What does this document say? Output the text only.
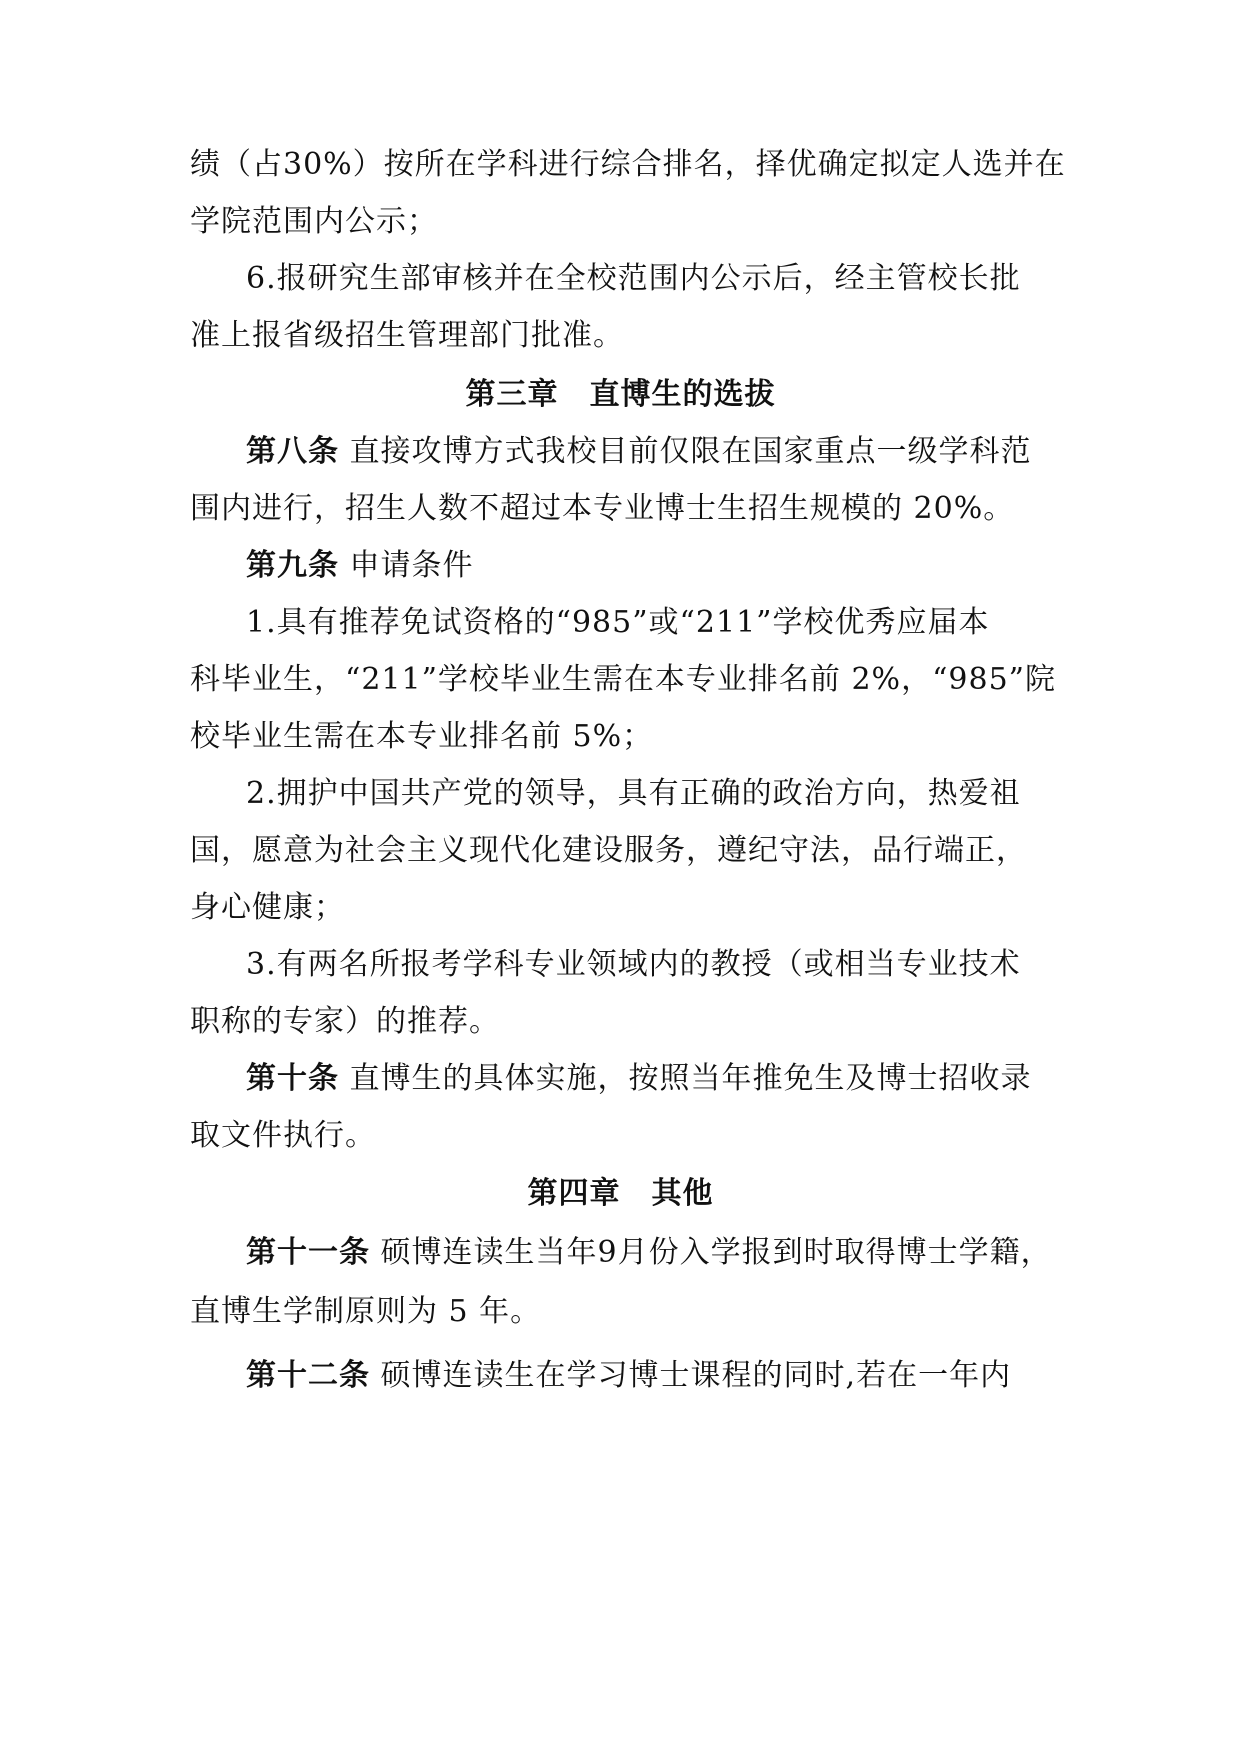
绩（占30%）按所在学科进行综合排名，择优确定拟定人选并在
学院范围内公示；
6.报研究生部审核并在全校范围内公示后，经主管校长批
准上报省级招生管理部门批准。
第三章　直博生的选拔
第八条 直接攻博方式我校目前仅限在国家重点一级学科范
围内进行，招生人数不超过本专业博士生招生规模的 20%。
第九条 申请条件
1.具有推荐免试资格的“985”或“211”学校优秀应届本
科毕业生，“211”学校毕业生需在本专业排名前 2%，“985”院
校毕业生需在本专业排名前 5%；
2.拥护中国共产党的领导，具有正确的政治方向，热爱祖
国，愿意为社会主义现代化建设服务，遵纪守法，品行端正，
身心健康；
3.有两名所报考学科专业领域内的教授（或相当专业技术
职称的专家）的推荐。
第十条 直博生的具体实施，按照当年推免生及博士招收录
取文件执行。
第四章　其他
第十一条 硕博连读生当年9月份入学报到时取得博士学籍，
直博生学制原则为 5 年。
第十二条 硕博连读生在学习博士课程的同时,若在一年内
